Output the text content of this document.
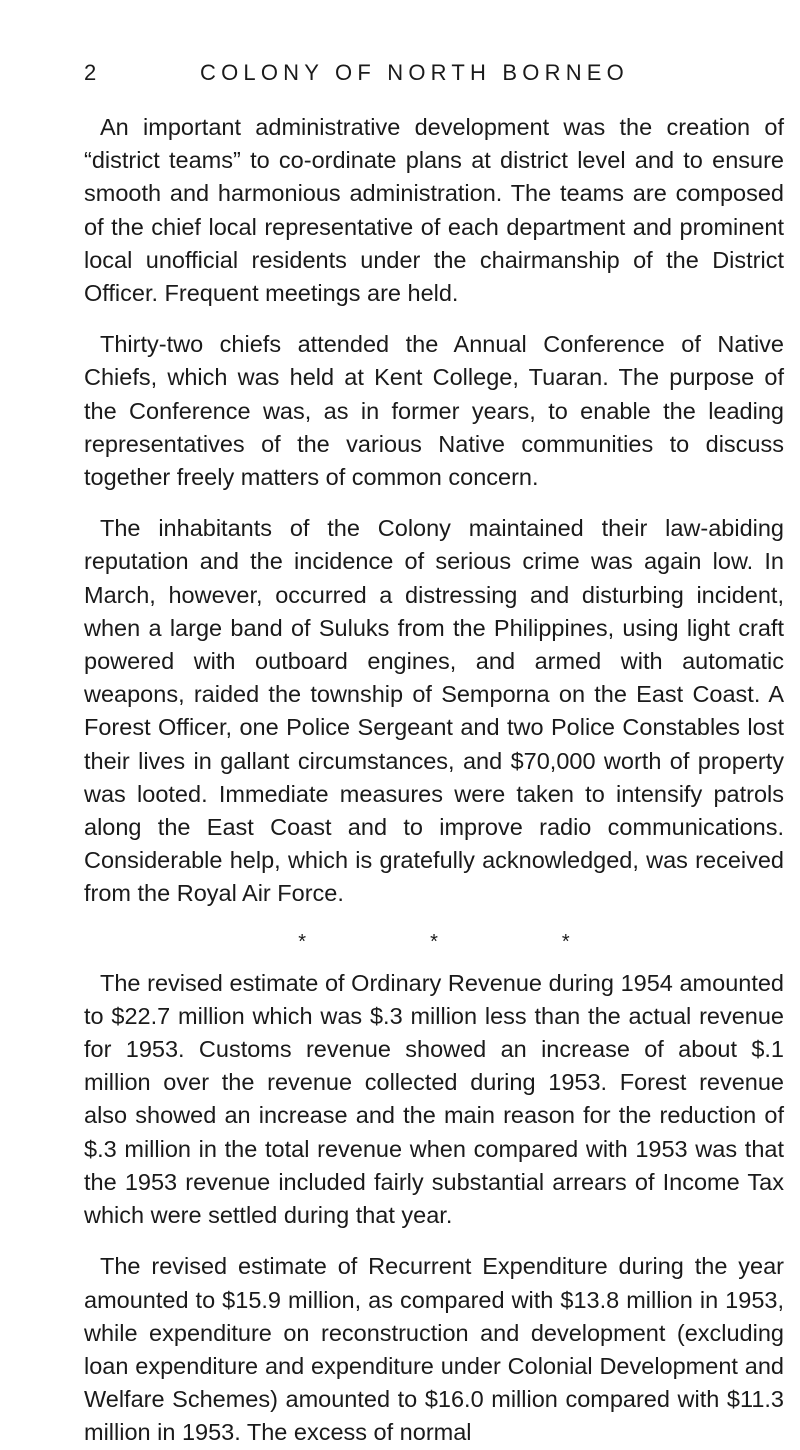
2	COLONY OF NORTH BORNEO

An important administrative development was the creation of “district teams” to co-ordinate plans at district level and to ensure smooth and harmonious administration. The teams are composed of the chief local representative of each department and prominent local unofficial residents under the chairmanship of the District Officer. Frequent meetings are held.

Thirty-two chiefs attended the Annual Conference of Native Chiefs, which was held at Kent College, Tuaran. The purpose of the Conference was, as in former years, to enable the leading representatives of the various Native communities to discuss together freely matters of common concern.

The inhabitants of the Colony maintained their law-abiding reputation and the incidence of serious crime was again low. In March, however, occurred a distressing and disturbing incident, when a large band of Suluks from the Philippines, using light craft powered with outboard engines, and armed with automatic weapons, raided the township of Semporna on the East Coast. A Forest Officer, one Police Sergeant and two Police Constables lost their lives in gallant circumstances, and $70,000 worth of property was looted. Immediate measures were taken to intensify patrols along the East Coast and to improve radio communications. Considerable help, which is gratefully acknowledged, was received from the Royal Air Force.

*	*	*

The revised estimate of Ordinary Revenue during 1954 amounted to $22.7 million which was $.3 million less than the actual revenue for 1953. Customs revenue showed an increase of about $.1 million over the revenue collected during 1953. Forest revenue also showed an increase and the main reason for the reduction of $.3 million in the total revenue when compared with 1953 was that the 1953 revenue included fairly substantial arrears of Income Tax which were settled during that year.

The revised estimate of Recurrent Expenditure during the year amounted to $15.9 million, as compared with $13.8 million in 1953, while expenditure on reconstruction and development (excluding loan expenditure and expenditure under Colonial Development and Welfare Schemes) amounted to $16.0 million compared with $11.3 million in 1953. The excess of normal
